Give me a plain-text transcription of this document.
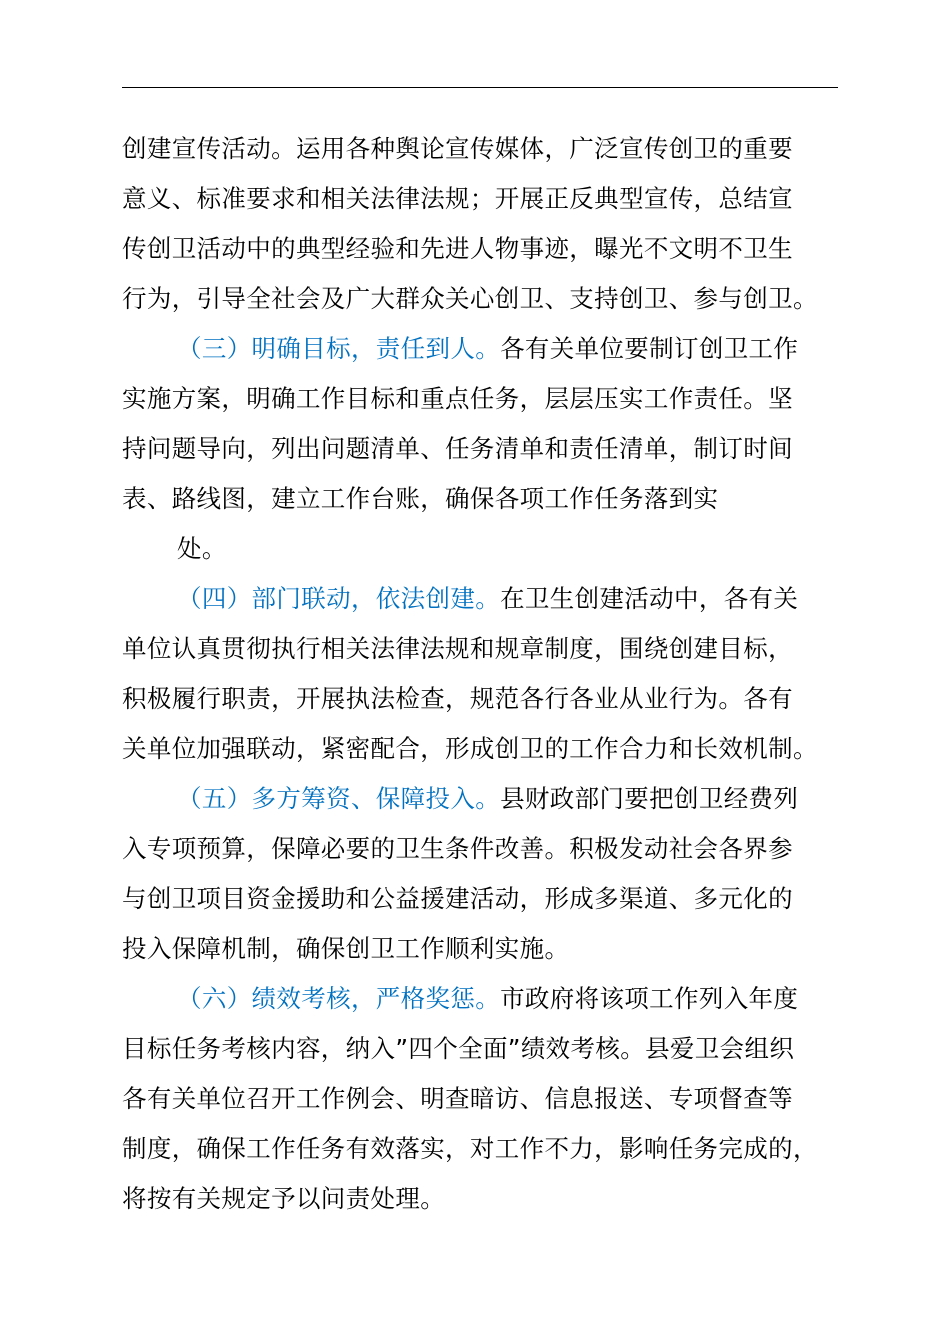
创建宣传活动。运用各种舆论宣传媒体，广泛宣传创卫的重要
意义、标准要求和相关法律法规；开展正反典型宣传，总结宣
传创卫活动中的典型经验和先进人物事迹，曝光不文明不卫生
行为，引导全社会及广大群众关心创卫、支持创卫、参与创卫。
（三）明确目标，责任到人。各有关单位要制订创卫工作
实施方案，明确工作目标和重点任务，层层压实工作责任。坚
持问题导向，列出问题清单、任务清单和责任清单，制订时间
表、路线图，建立工作台账，确保各项工作任务落到实
处。
（四）部门联动，依法创建。在卫生创建活动中，各有关
单位认真贯彻执行相关法律法规和规章制度，围绕创建目标，
积极履行职责，开展执法检查，规范各行各业从业行为。各有
关单位加强联动，紧密配合，形成创卫的工作合力和长效机制。
（五）多方筹资、保障投入。县财政部门要把创卫经费列
入专项预算，保障必要的卫生条件改善。积极发动社会各界参
与创卫项目资金援助和公益援建活动，形成多渠道、多元化的
投入保障机制，确保创卫工作顺利实施。
（六）绩效考核，严格奖惩。市政府将该项工作列入年度
目标任务考核内容，纳入”四个全面”绩效考核。县爱卫会组织
各有关单位召开工作例会、明查暗访、信息报送、专项督查等
制度，确保工作任务有效落实，对工作不力，影响任务完成的，
将按有关规定予以问责处理。
